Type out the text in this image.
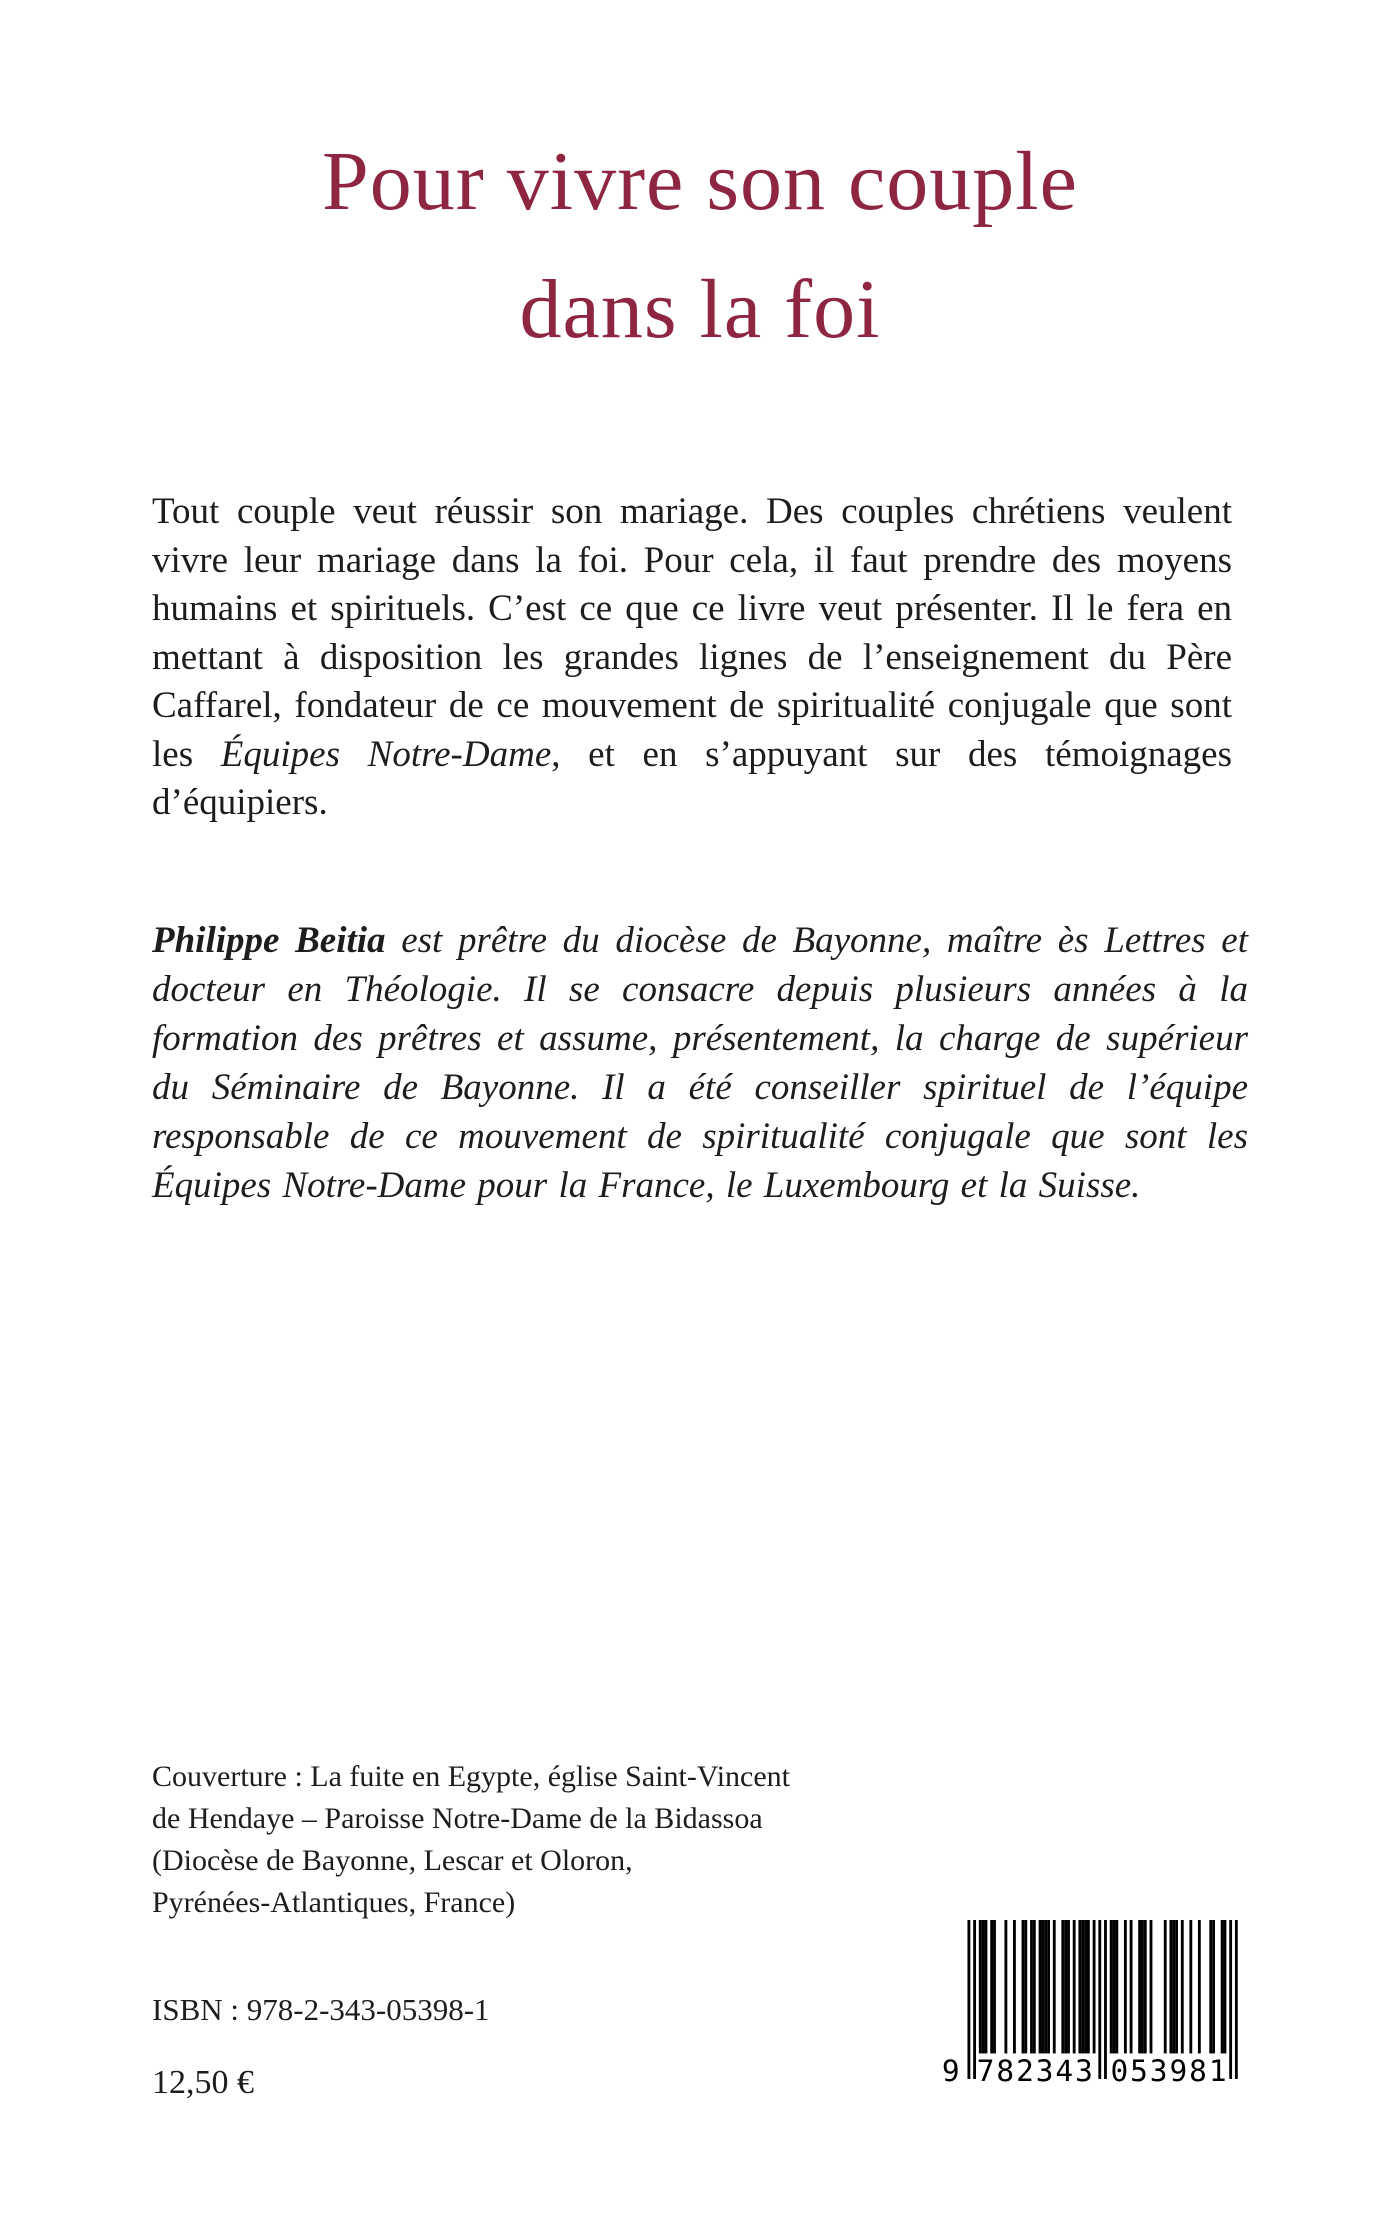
Pour vivre son couple
dans la foi

Tout couple veut réussir son mariage. Des couples chrétiens veulent vivre leur mariage dans la foi. Pour cela, il faut prendre des moyens humains et spirituels. C’est ce que ce livre veut présenter. Il le fera en mettant à disposition les grandes lignes de l’enseignement du Père Caffarel, fondateur de ce mouvement de spiritualité conjugale que sont les Équipes Notre-Dame, et en s’appuyant sur des témoignages d’équipiers.

Philippe Beitia est prêtre du diocèse de Bayonne, maître ès Lettres et docteur en Théologie. Il se consacre depuis plusieurs années à la formation des prêtres et assume, présentement, la charge de supérieur du Séminaire de Bayonne. Il a été conseiller spirituel de l’équipe responsable de ce mouvement de spiritualité conjugale que sont les Équipes Notre-Dame pour la France, le Luxembourg et la Suisse.

Couverture : La fuite en Egypte, église Saint-Vincent
de Hendaye – Paroisse Notre-Dame de la Bidassoa
(Diocèse de Bayonne, Lescar et Oloron,
Pyrénées-Atlantiques, France)
ISBN : 978-2-343-05398-1
12,50 €	9 782343 053981
